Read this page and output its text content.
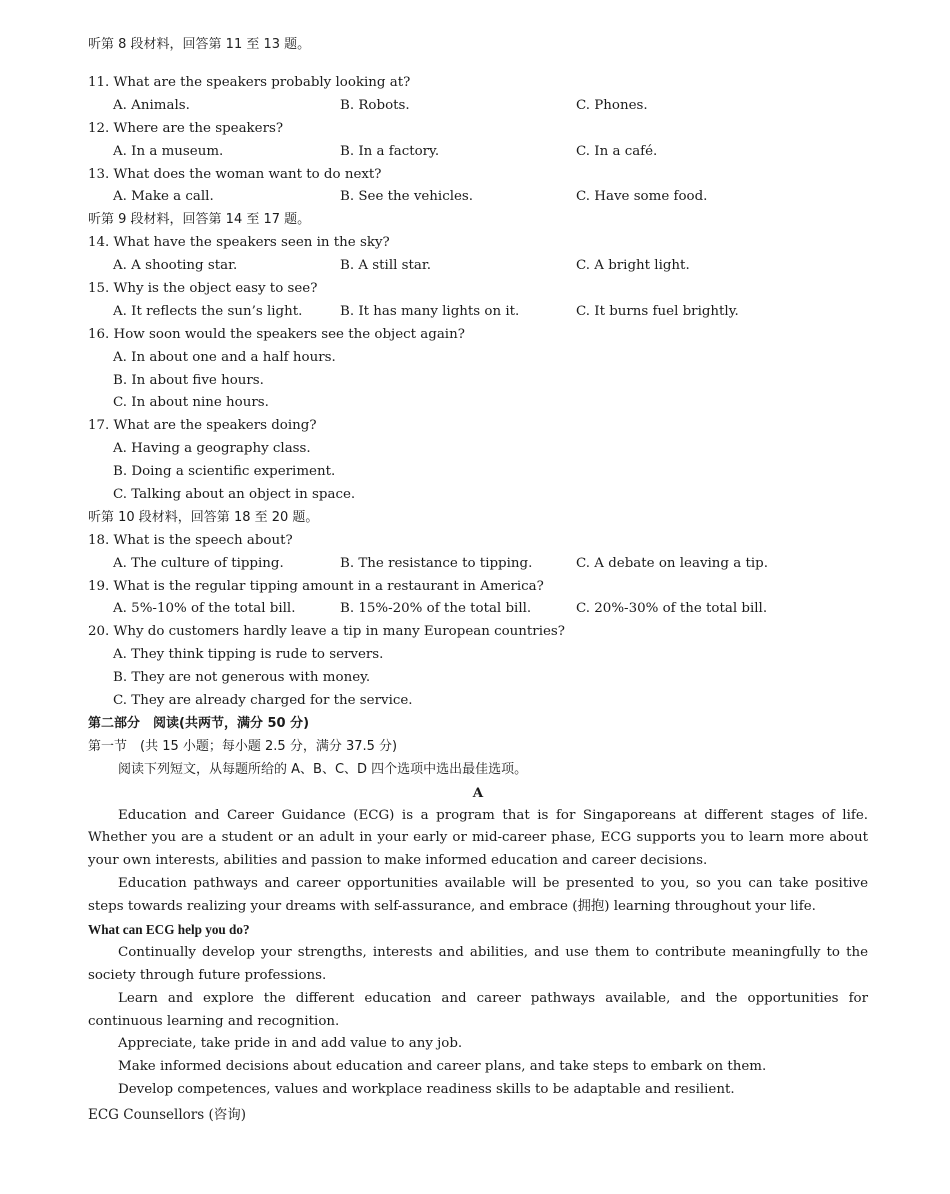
听第 8 段材料，回答第 11 至 13 题。
11. What are the speakers probably looking at?
A. Animals.	B. Robots.	C. Phones.
12. Where are the speakers?
A. In a museum.	B. In a factory.	C. In a café.
13. What does the woman want to do next?
A. Make a call.	B. See the vehicles.	C. Have some food.
听第 9 段材料，回答第 14 至 17 题。
14. What have the speakers seen in the sky?
A. A shooting star.	B. A still star.	C. A bright light.
15. Why is the object easy to see?
A. It reflects the sun’s light.	B. It has many lights on it.	C. It burns fuel brightly.
16. How soon would the speakers see the object again?
A. In about one and a half hours.
B. In about five hours.
C. In about nine hours.
17. What are the speakers doing?
A. Having a geography class.
B. Doing a scientific experiment.
C. Talking about an object in space.
听第 10 段材料，回答第 18 至 20 题。
18. What is the speech about?
A. The culture of tipping.	B. The resistance to tipping.	C. A debate on leaving a tip.
19. What is the regular tipping amount in a restaurant in America?
A. 5%-10% of the total bill.	B. 15%-20% of the total bill.	C. 20%-30% of the total bill.
20. Why do customers hardly leave a tip in many European countries?
A. They think tipping is rude to servers.
B. They are not generous with money.
C. They are already charged for the service.
第二部分　阅读(共两节，满分 50 分)
第一节　(共 15 小题；每小题 2.5 分，满分 37.5 分)
阅读下列短文，从每题所给的 A、B、C、D 四个选项中选出最佳选项。
A
Education and Career Guidance (ECG) is a program that is for Singaporeans at different stages of life.
Whether you are a student or an adult in your early or mid-career phase, ECG supports you to learn more about
your own interests, abilities and passion to make informed education and career decisions.
Education pathways and career opportunities available will be presented to you, so you can take positive
steps towards realizing your dreams with self-assurance, and embrace (拥抱) learning throughout your life.
What can ECG help you do?
Continually develop your strengths, interests and abilities, and use them to contribute meaningfully to the
society through future professions.
Learn and explore the different education and career pathways available, and the opportunities for
continuous learning and recognition.
Appreciate, take pride in and add value to any job.
Make informed decisions about education and career plans, and take steps to embark on them.
Develop competences, values and workplace readiness skills to be adaptable and resilient.
ECG Counsellors (咨询)
